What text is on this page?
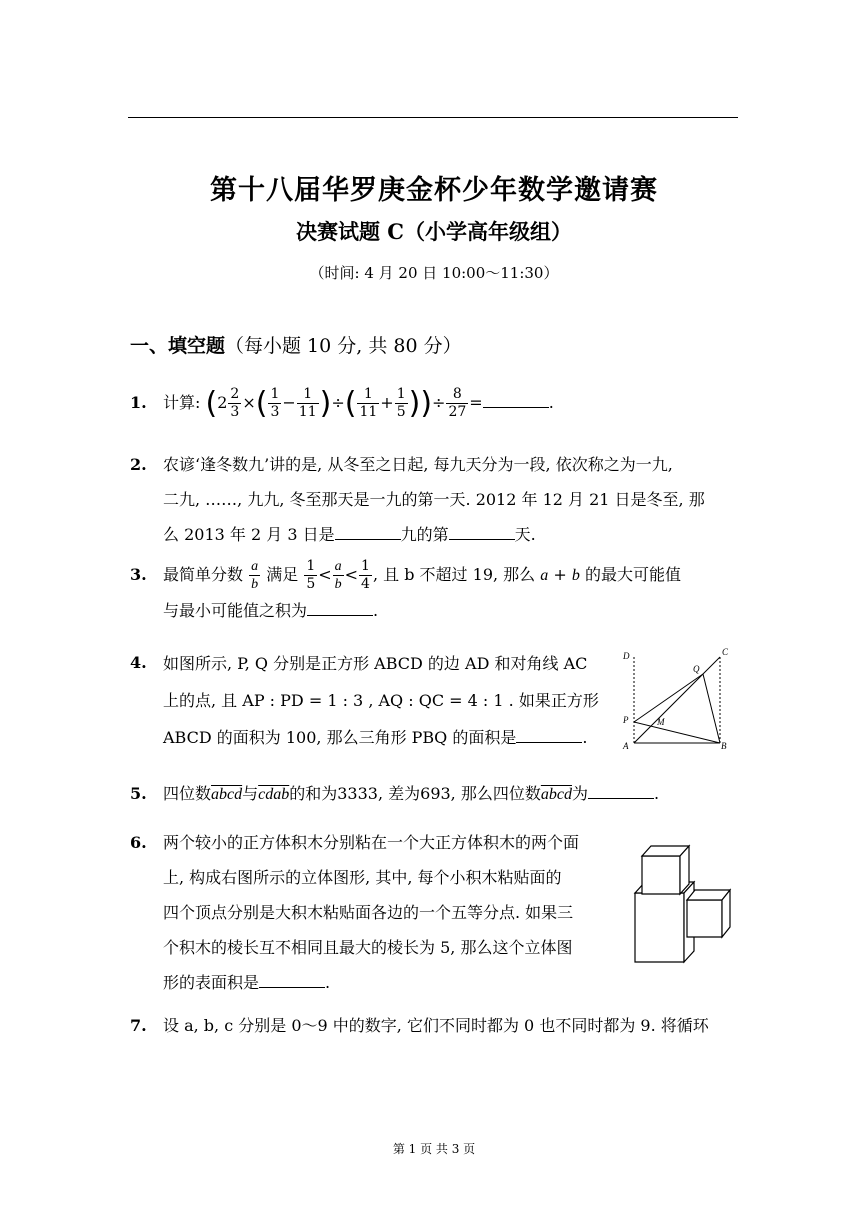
第十八届华罗庚金杯少年数学邀请赛
决赛试题 C（小学高年级组）
（时间: 4 月 20 日 10:00～11:30）
一、填空题（每小题 10 分, 共 80 分）
1. 计算: ($2 \frac{2}{3}$ ×( $\frac{1}{3} - \frac{1}{11}$ )÷( $\frac{1}{11} + \frac{1}{5}$ ))÷ $\frac{8}{27}$ =	.
2. 农谚‘逢冬数九’讲的是, 从冬至之日起, 每九天分为一段, 依次称之为一九,
二九, ……, 九九, 冬至那天是一九的第一天. 2012 年 12 月 21 日是冬至, 那
么 2013 年 2 月 3 日是	九的第	天.
3. 最简单分数 $\frac{a}{b}$ 满足 $\frac{1}{5} < \frac{a}{b} < \frac{1}{4}$ , 且 b 不超过 19, 那么 a + b 的最大可能值
与最小可能值之积为	.
4. 如图所示, P, Q 分别是正方形 ABCD 的边 AD 和对角线 AC
上的点, 且 AP : PD = 1 : 3 , AQ : QC = 4 : 1 . 如果正方形
ABCD 的面积为 100, 那么三角形 PBQ 的面积是	.
D	C
Q
P	M
A	B
5. 四位数abcd与cdab的和为3333, 差为693, 那么四位数abcd为	.
6. 两个较小的正方体积木分别粘在一个大正方体积木的两个面
上, 构成右图所示的立体图形, 其中, 每个小积木粘贴面的
四个顶点分别是大积木粘贴面各边的一个五等分点. 如果三
个积木的棱长互不相同且最大的棱长为 5, 那么这个立体图
形的表面积是	.
7. 设 a, b, c 分别是 0～9 中的数字, 它们不同时都为 0 也不同时都为 9. 将循环
第 1 页 共 3 页
